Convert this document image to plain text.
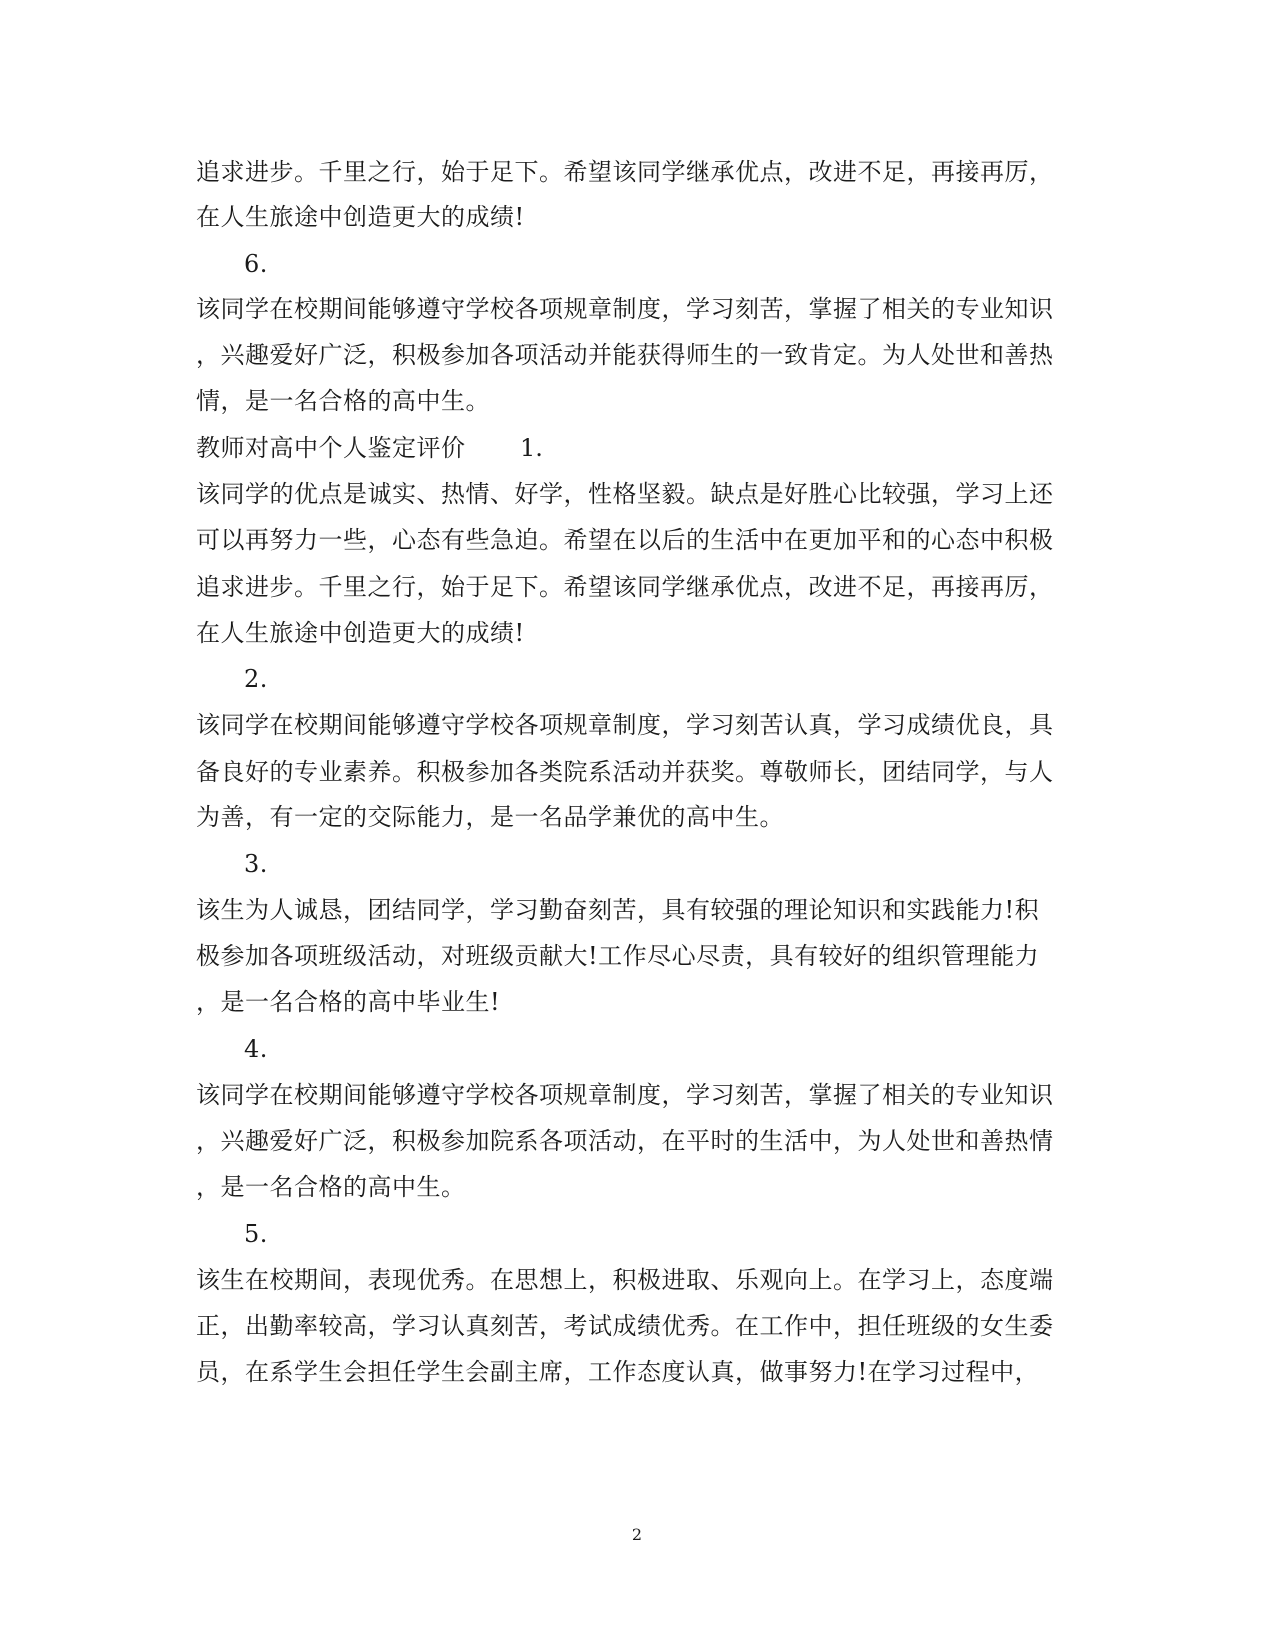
追求进步。千里之行，始于足下。希望该同学继承优点，改进不足，再接再厉，
在人生旅途中创造更大的成绩!
6.
该同学在校期间能够遵守学校各项规章制度，学习刻苦，掌握了相关的专业知识
，兴趣爱好广泛，积极参加各项活动并能获得师生的一致肯定。为人处世和善热
情，是一名合格的高中生。
教师对高中个人鉴定评价 1.
该同学的优点是诚实、热情、好学，性格坚毅。缺点是好胜心比较强，学习上还
可以再努力一些，心态有些急迫。希望在以后的生活中在更加平和的心态中积极
追求进步。千里之行，始于足下。希望该同学继承优点，改进不足，再接再厉，
在人生旅途中创造更大的成绩!
2.
该同学在校期间能够遵守学校各项规章制度，学习刻苦认真，学习成绩优良，具
备良好的专业素养。积极参加各类院系活动并获奖。尊敬师长，团结同学，与人
为善，有一定的交际能力，是一名品学兼优的高中生。
3.
该生为人诚恳，团结同学，学习勤奋刻苦，具有较强的理论知识和实践能力!积
极参加各项班级活动，对班级贡献大!工作尽心尽责，具有较好的组织管理能力
，是一名合格的高中毕业生!
4.
该同学在校期间能够遵守学校各项规章制度，学习刻苦，掌握了相关的专业知识
，兴趣爱好广泛，积极参加院系各项活动，在平时的生活中，为人处世和善热情
，是一名合格的高中生。
5.
该生在校期间，表现优秀。在思想上，积极进取、乐观向上。在学习上，态度端
正，出勤率较高，学习认真刻苦，考试成绩优秀。在工作中，担任班级的女生委
员，在系学生会担任学生会副主席，工作态度认真，做事努力!在学习过程中，
2
